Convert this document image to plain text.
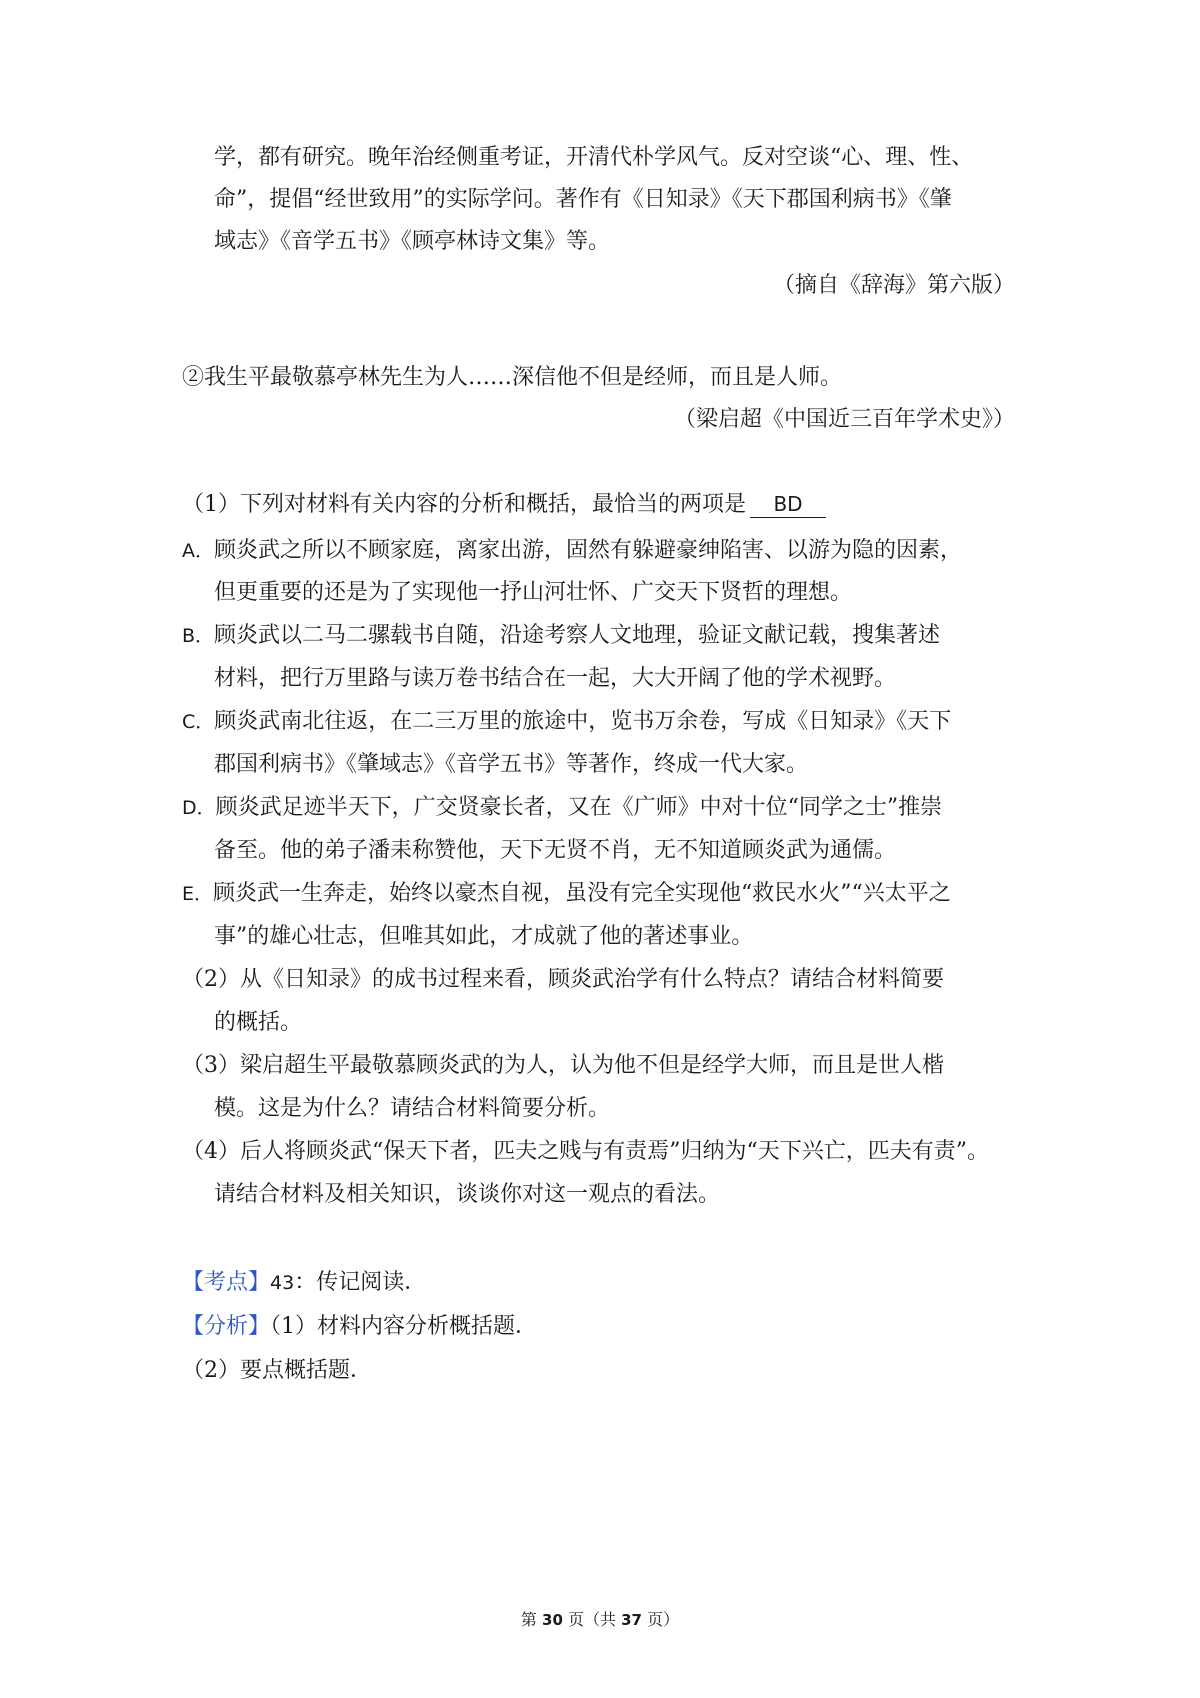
学，都有研究。晚年治经侧重考证，开清代朴学风气。反对空谈“心、理、性、
命”，提倡“经世致用”的实际学问。著作有《日知录》《天下郡国利病书》《肇
域志》《音学五书》《顾亭林诗文集》等。
（摘自《辞海》第六版）
②我生平最敬慕亭林先生为人……深信他不但是经师，而且是人师。
（梁启超《中国近三百年学术史》）
（1）下列对材料有关内容的分析和概括，最恰当的两项是 BD
A．顾炎武之所以不顾家庭，离家出游，固然有躲避豪绅陷害、以游为隐的因素，
但更重要的还是为了实现他一抒山河壮怀、广交天下贤哲的理想。
B．顾炎武以二马二骡载书自随，沿途考察人文地理，验证文献记载，搜集著述
材料，把行万里路与读万卷书结合在一起，大大开阔了他的学术视野。
C．顾炎武南北往返，在二三万里的旅途中，览书万余卷，写成《日知录》《天下
郡国利病书》《肇域志》《音学五书》等著作，终成一代大家。
D．顾炎武足迹半天下，广交贤豪长者，又在《广师》中对十位“同学之士”推崇
备至。他的弟子潘耒称赞他，天下无贤不肖，无不知道顾炎武为通儒。
E．顾炎武一生奔走，始终以豪杰自视，虽没有完全实现他“救民水火”“兴太平之
事”的雄心壮志，但唯其如此，才成就了他的著述事业。
（2）从《日知录》的成书过程来看，顾炎武治学有什么特点？请结合材料简要
的概括。
（3）梁启超生平最敬慕顾炎武的为人，认为他不但是经学大师，而且是世人楷
模。这是为什么？请结合材料简要分析。
（4）后人将顾炎武“保天下者，匹夫之贱与有责焉”归纳为“天下兴亡，匹夫有责”。
请结合材料及相关知识，谈谈你对这一观点的看法。
【考点】43：传记阅读．
【分析】（1）材料内容分析概括题．
（2）要点概括题．
第 30 页（共 37 页）
